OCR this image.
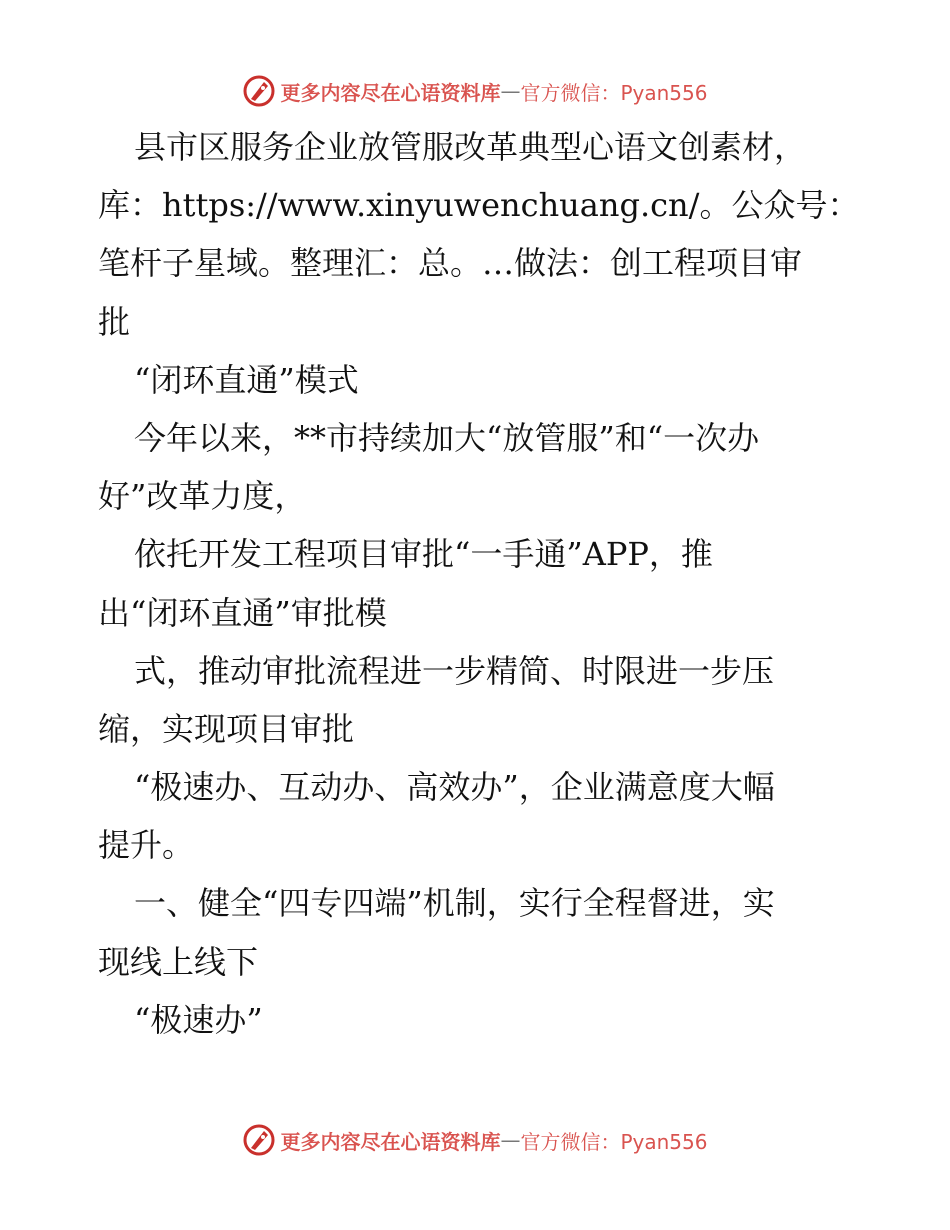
更多内容尽在心语资料库 — 官方微信：Pyan556
县市区服务企业放管服改革典型心语文创素材，
库：https://www.xinyuwenchuang.cn/。公众号：
笔杆子星域。整理汇：总。…做法：创工程项目审
批
“闭环直通”模式
今年以来，**市持续加大“放管服”和“一次办
好”改革力度，
依托开发工程项目审批“一手通”APP，推
出“闭环直通”审批模
式，推动审批流程进一步精简、时限进一步压
缩，实现项目审批
“极速办、互动办、高效办”，企业满意度大幅
提升。
一、健全“四专四端”机制，实行全程督进，实
现线上线下
“极速办”
更多内容尽在心语资料库 — 官方微信：Pyan556
